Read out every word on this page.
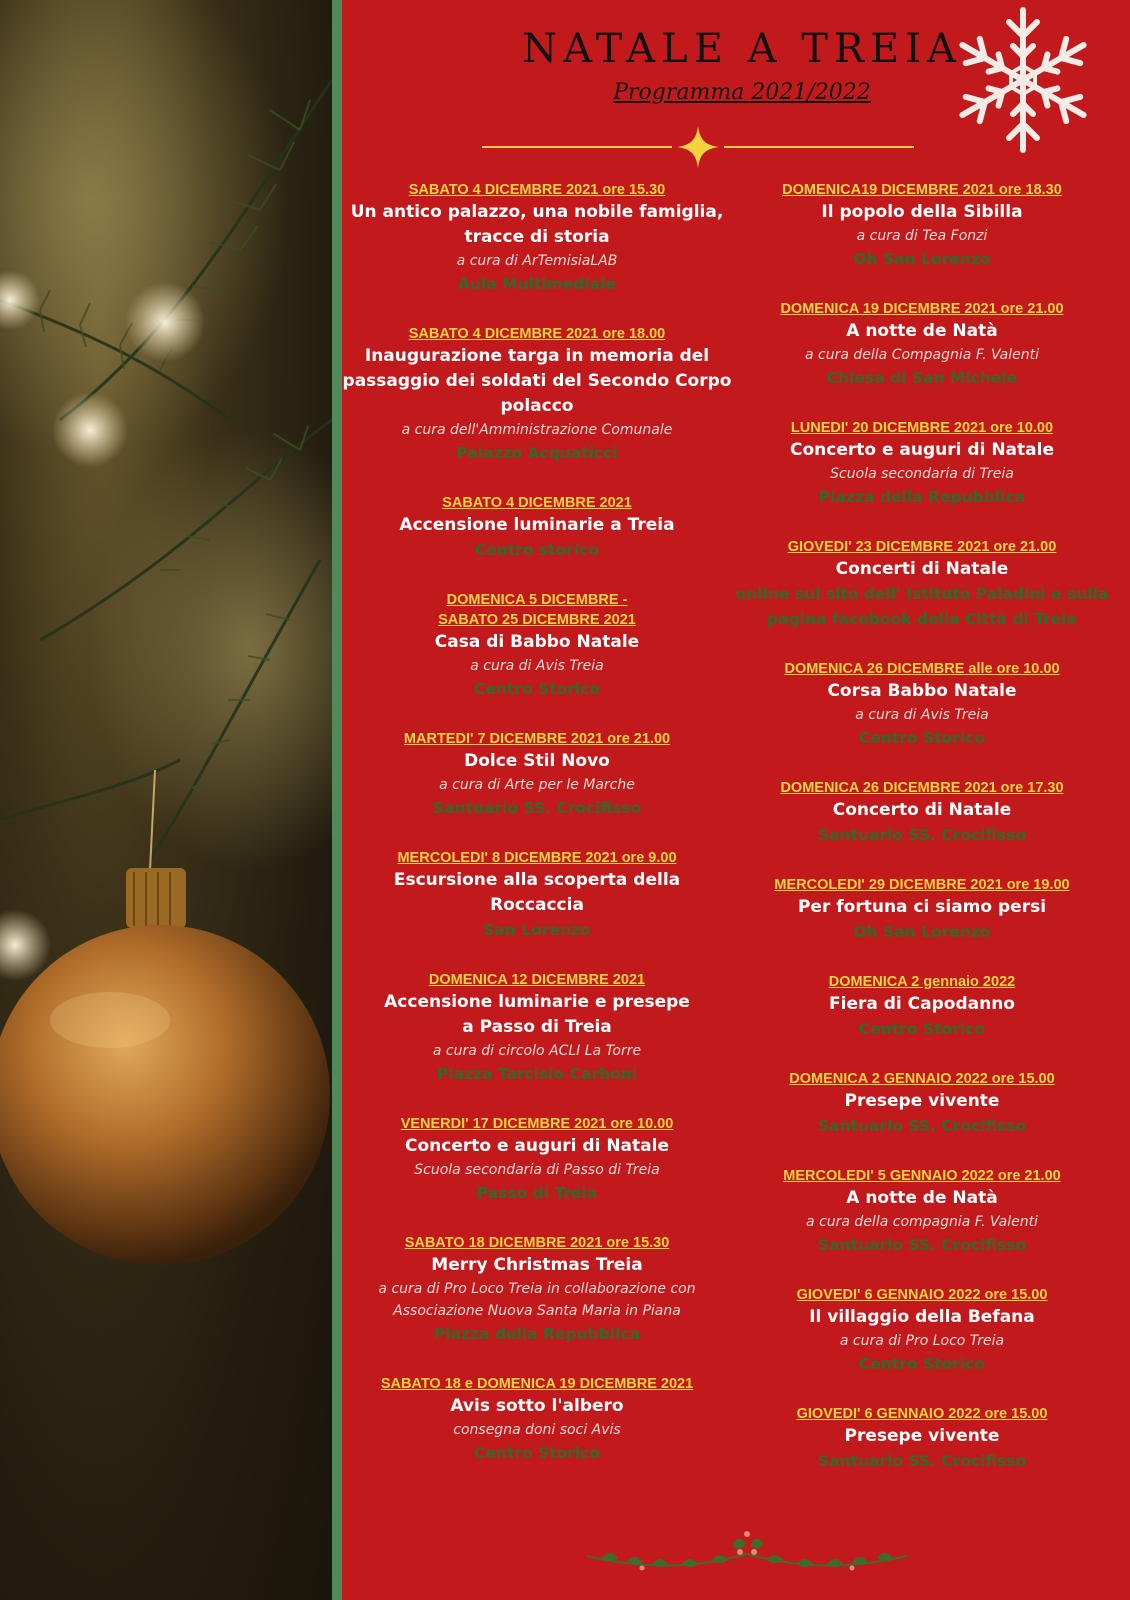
NATALE A TREIA
Programma 2021/2022
SABATO 4 DICEMBRE 2021 ore 15.30
Un antico palazzo, una nobile famiglia, tracce di storia
a cura di ArTemisiaLAB
Aula Multimediale
SABATO 4 DICEMBRE 2021 ore 18.00
Inaugurazione targa in memoria del passaggio dei soldati del Secondo Corpo polacco
a cura dell'Amministrazione Comunale
Palazzo Acquaticci
SABATO 4 DICEMBRE 2021
Accensione luminarie a Treia
Centro storico
DOMENICA 5 DICEMBRE - SABATO 25 DICEMBRE 2021
Casa di Babbo Natale
a cura di Avis Treia
Centro Storico
MARTEDI' 7 DICEMBRE 2021 ore 21.00
Dolce Stil Novo
a cura di Arte per le Marche
Santuario SS. Crocifisso
MERCOLEDI' 8 DICEMBRE 2021 ore 9.00
Escursione alla scoperta della Roccaccia
San Lorenzo
DOMENICA 12 DICEMBRE 2021
Accensione luminarie e presepe a Passo di Treia
a cura di circolo ACLI La Torre
Piazza Tarcisio Carboni
VENERDI' 17 DICEMBRE 2021 ore 10.00
Concerto e auguri di Natale
Scuola secondaria di Passo di Treia
Passo di Treia
SABATO 18 DICEMBRE 2021 ore 15.30
Merry Christmas Treia
a cura di Pro Loco Treia in collaborazione con Associazione Nuova Santa Maria in Piana
Piazza della Repubblica
SABATO 18 e DOMENICA 19 DICEMBRE 2021
Avis sotto l'albero
consegna doni soci Avis
Centro Storico
DOMENICA19 DICEMBRE 2021 ore 18.30
Il popolo della Sibilla
a cura di Tea Fonzi
Oh San Lorenzo
DOMENICA 19 DICEMBRE 2021 ore 21.00
A notte de Natà
a cura della Compagnia F. Valenti
Chiesa di San Michele
LUNEDI' 20 DICEMBRE 2021 ore 10.00
Concerto e auguri di Natale
Scuola secondaria di Treia
Piazza della Repubblica
GIOVEDI' 23 DICEMBRE 2021 ore 21.00
Concerti di Natale
online sul sito dell' Istituto Paladini e sulla pagina facebook della Città di Treia
DOMENICA 26 DICEMBRE alle ore 10.00
Corsa Babbo Natale
a cura di Avis Treia
Centro Storico
DOMENICA 26 DICEMBRE 2021 ore 17.30
Concerto di Natale
Santuario SS. Crocifisso
MERCOLEDI' 29 DICEMBRE 2021 ore 19.00
Per fortuna ci siamo persi
Oh San Lorenzo
DOMENICA 2 gennaio 2022
Fiera di Capodanno
Centro Storico
DOMENICA 2 GENNAIO 2022 ore 15.00
Presepe vivente
Santuario SS. Crocifisso
MERCOLEDI' 5 GENNAIO 2022 ore 21.00
A notte de Natà
a cura della compagnia F. Valenti
Santuario SS. Crocifisso
GIOVEDI' 6 GENNAIO 2022 ore 15.00
Il villaggio della Befana
a cura di Pro Loco Treia
Centro Storico
GIOVEDI' 6 GENNAIO 2022 ore 15.00
Presepe vivente
Santuario SS. Crocifisso
